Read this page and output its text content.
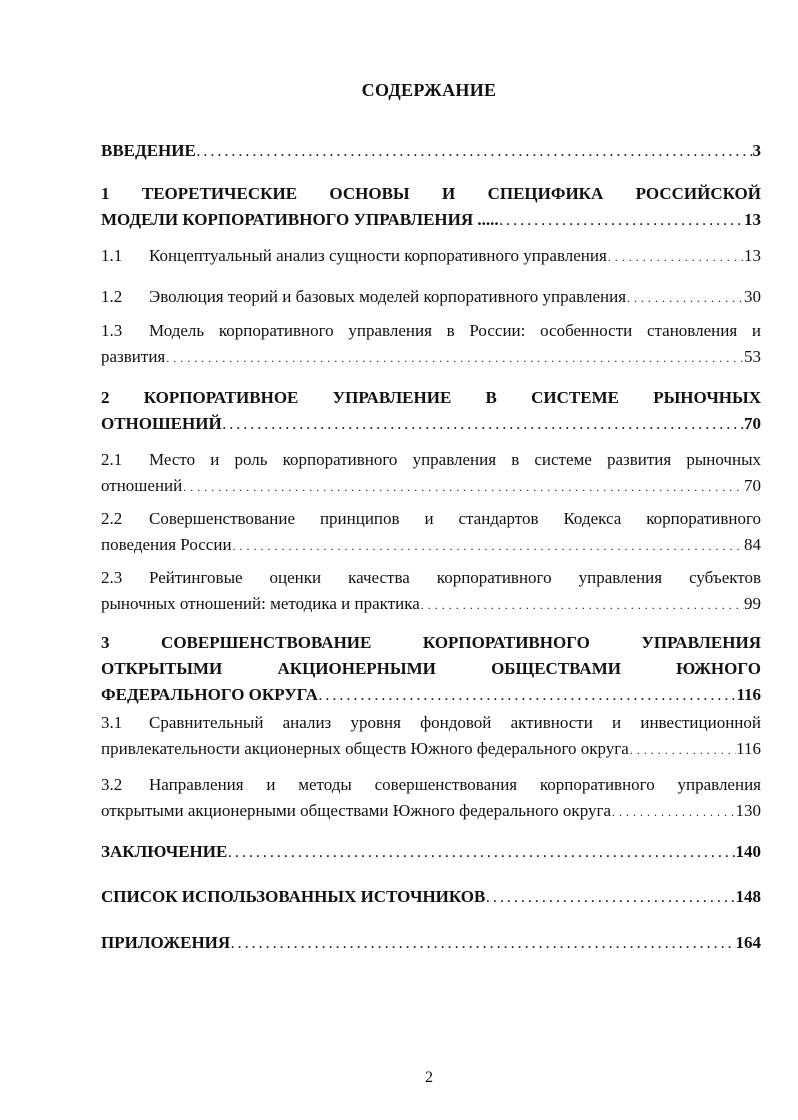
СОДЕРЖАНИЕ
ВВЕДЕНИЕ . . .	3

1 ТЕОРЕТИЧЕСКИЕ ОСНОВЫ И СПЕЦИФИКА РОССИЙСКОЙ

МОДЕЛИ КОРПОРАТИВНОГО УПРАВЛЕНИЯ ..... . . .	13
1.1 Концептуальный анализ сущности корпоративного управления . . .	13
1.2 Эволюция теорий и базовых моделей корпоративного управления . . .	30

1.3 Модель корпоративного управления в России: особенности становления и

развития . . .	53

2 КОРПОРАТИВНОЕ УПРАВЛЕНИЕ В СИСТЕМЕ РЫНОЧНЫХ

ОТНОШЕНИЙ . . .	70

2.1 Место и роль корпоративного управления в системе развития рыночных

отношений . . .	70

2.2 Совершенствование принципов и стандартов Кодекса корпоративного

поведения России . . .	84

2.3 Рейтинговые оценки качества корпоративного управления субъектов

рыночных отношений: методика и практика . . .	99

3 СОВЕРШЕНСТВОВАНИЕ КОРПОРАТИВНОГО УПРАВЛЕНИЯ

ОТКРЫТЫМИ АКЦИОНЕРНЫМИ ОБЩЕСТВАМИ ЮЖНОГО

ФЕДЕРАЛЬНОГО ОКРУГА . . .	116

3.1 Сравнительный анализ уровня фондовой активности и инвестиционной

привлекательности акционерных обществ Южного федерального округа . . .	116

3.2 Направления и методы совершенствования корпоративного управления

открытыми акционерными обществами Южного федерального округа . . .	130
ЗАКЛЮЧЕНИЕ . . .	140
СПИСОК ИСПОЛЬЗОВАННЫХ ИСТОЧНИКОВ . . .	148
ПРИЛОЖЕНИЯ . . .	164
2
